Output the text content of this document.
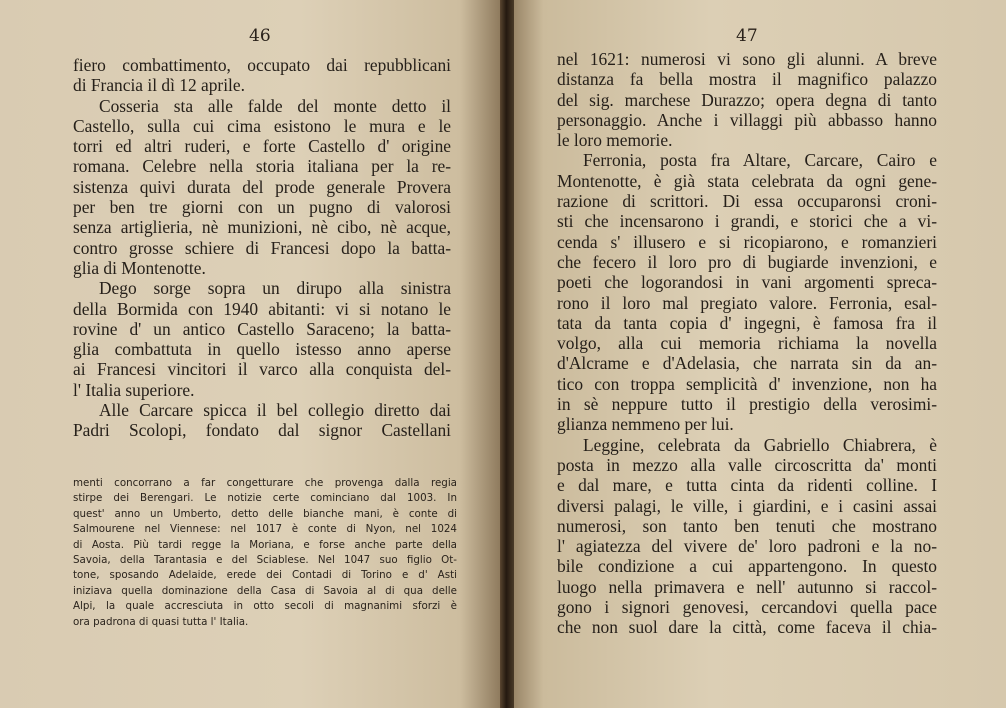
46
fiero combattimento, occupato dai repubblicani
di Francia il dì 12 aprile.
Cosseria sta alle falde del monte detto il
Castello, sulla cui cima esistono le mura e le
torri ed altri ruderi, e forte Castello d' origine
romana. Celebre nella storia italiana per la re-
sistenza quivi durata del prode generale Provera
per ben tre giorni con un pugno di valorosi
senza artiglieria, nè munizioni, nè cibo, nè acque,
contro grosse schiere di Francesi dopo la batta-
glia di Montenotte.
Dego sorge sopra un dirupo alla sinistra
della Bormida con 1940 abitanti: vi si notano le
rovine d' un antico Castello Saraceno; la batta-
glia combattuta in quello istesso anno aperse
ai Francesi vincitori il varco alla conquista del-
l' Italia superiore.
Alle Carcare spicca il bel collegio diretto dai
Padri Scolopi, fondato dal signor Castellani
menti concorrano a far congetturare che provenga dalla regia
stirpe dei Berengari. Le notizie certe cominciano dal 1003. In
quest' anno un Umberto, detto delle bianche mani, è conte di
Salmourene nel Viennese: nel 1017 è conte di Nyon, nel 1024
di Aosta. Più tardi regge la Moriana, e forse anche parte della
Savoia, della Tarantasia e del Sciablese. Nel 1047 suo figlio Ot-
tone, sposando Adelaide, erede dei Contadi di Torino e d' Asti
iniziava quella dominazione della Casa di Savoia al di qua delle
Alpi, la quale accresciuta in otto secoli di magnanimi sforzi è
ora padrona di quasi tutta l' Italia.
47
nel 1621: numerosi vi sono gli alunni. A breve
distanza fa bella mostra il magnifico palazzo
del sig. marchese Durazzo; opera degna di tanto
personaggio. Anche i villaggi più abbasso hanno
le loro memorie.
Ferronia, posta fra Altare, Carcare, Cairo e
Montenotte, è già stata celebrata da ogni gene-
razione di scrittori. Di essa occuparonsi croni-
sti che incensarono i grandi, e storici che a vi-
cenda s' illusero e si ricopiarono, e romanzieri
che fecero il loro pro di bugiarde invenzioni, e
poeti che logorandosi in vani argomenti spreca-
rono il loro mal pregiato valore. Ferronia, esal-
tata da tanta copia d' ingegni, è famosa fra il
volgo, alla cui memoria richiama la novella
d'Alcrame e d'Adelasia, che narrata sin da an-
tico con troppa semplicità d' invenzione, non ha
in sè neppure tutto il prestigio della verosimi-
glianza nemmeno per lui.
Leggine, celebrata da Gabriello Chiabrera, è
posta in mezzo alla valle circoscritta da' monti
e dal mare, e tutta cinta da ridenti colline. I
diversi palagi, le ville, i giardini, e i casini assai
numerosi, son tanto ben tenuti che mostrano
l' agiatezza del vivere de' loro padroni e la no-
bile condizione a cui appartengono. In questo
luogo nella primavera e nell' autunno si raccol-
gono i signori genovesi, cercandovi quella pace
che non suol dare la città, come faceva il chia-
